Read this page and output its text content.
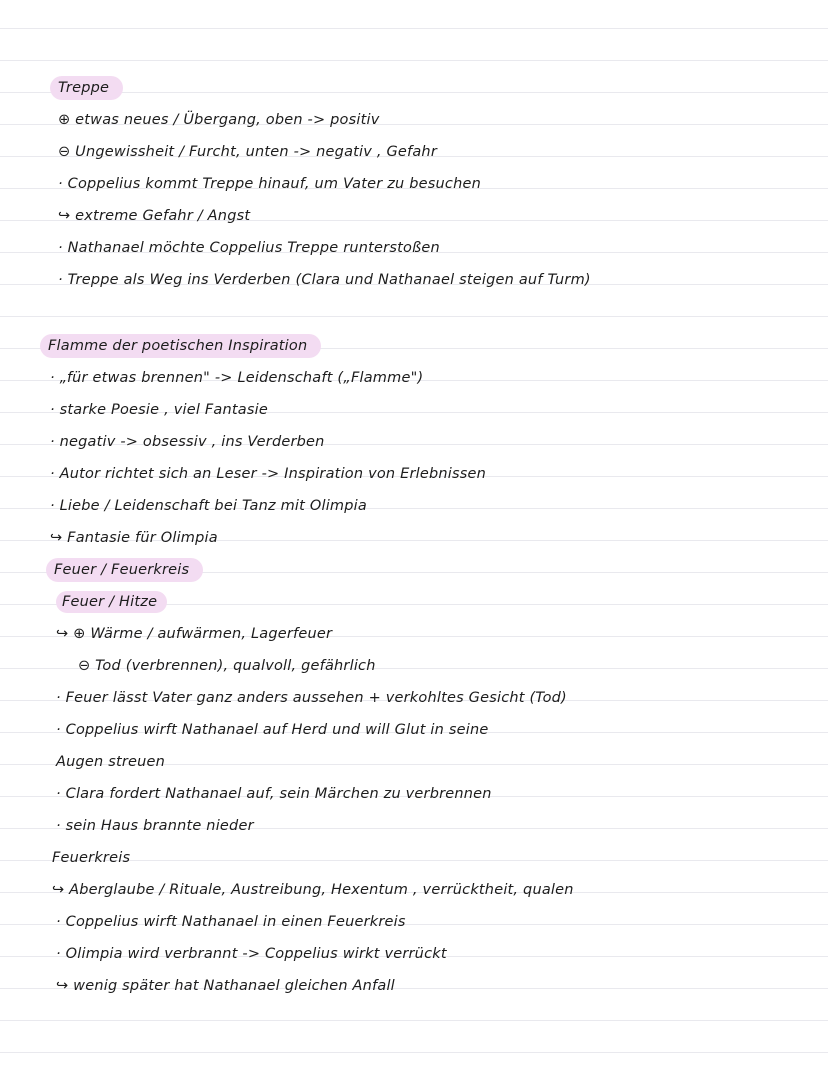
Treppe
⊕ etwas neues / Übergang, oben -> positiv
⊖ Ungewissheit / Furcht, unten -> negativ , Gefahr
· Coppelius kommt Treppe hinauf, um Vater zu besuchen
↪ extreme Gefahr / Angst
· Nathanael möchte Coppelius Treppe runterstoßen
· Treppe als Weg ins Verderben (Clara und Nathanael steigen auf Turm)
Flamme der poetischen Inspiration
· „für etwas brennen" -> Leidenschaft („Flamme")
· starke Poesie , viel Fantasie
· negativ -> obsessiv , ins Verderben
· Autor richtet sich an Leser -> Inspiration von Erlebnissen
· Liebe / Leidenschaft bei Tanz mit Olimpia
↪ Fantasie für Olimpia
Feuer / Feuerkreis
Feuer / Hitze
↪ ⊕ Wärme / aufwärmen, Lagerfeuer
⊖ Tod (verbrennen), qualvoll, gefährlich
· Feuer lässt Vater ganz anders aussehen + verkohltes Gesicht (Tod)
· Coppelius wirft Nathanael auf Herd und will Glut in seine
Augen streuen
· Clara fordert Nathanael auf, sein Märchen zu verbrennen
· sein Haus brannte nieder
Feuerkreis
↪ Aberglaube / Rituale, Austreibung, Hexentum , verrücktheit, qualen
· Coppelius wirft Nathanael in einen Feuerkreis
· Olimpia wird verbrannt -> Coppelius wirkt verrückt
↪ wenig später hat Nathanael gleichen Anfall
